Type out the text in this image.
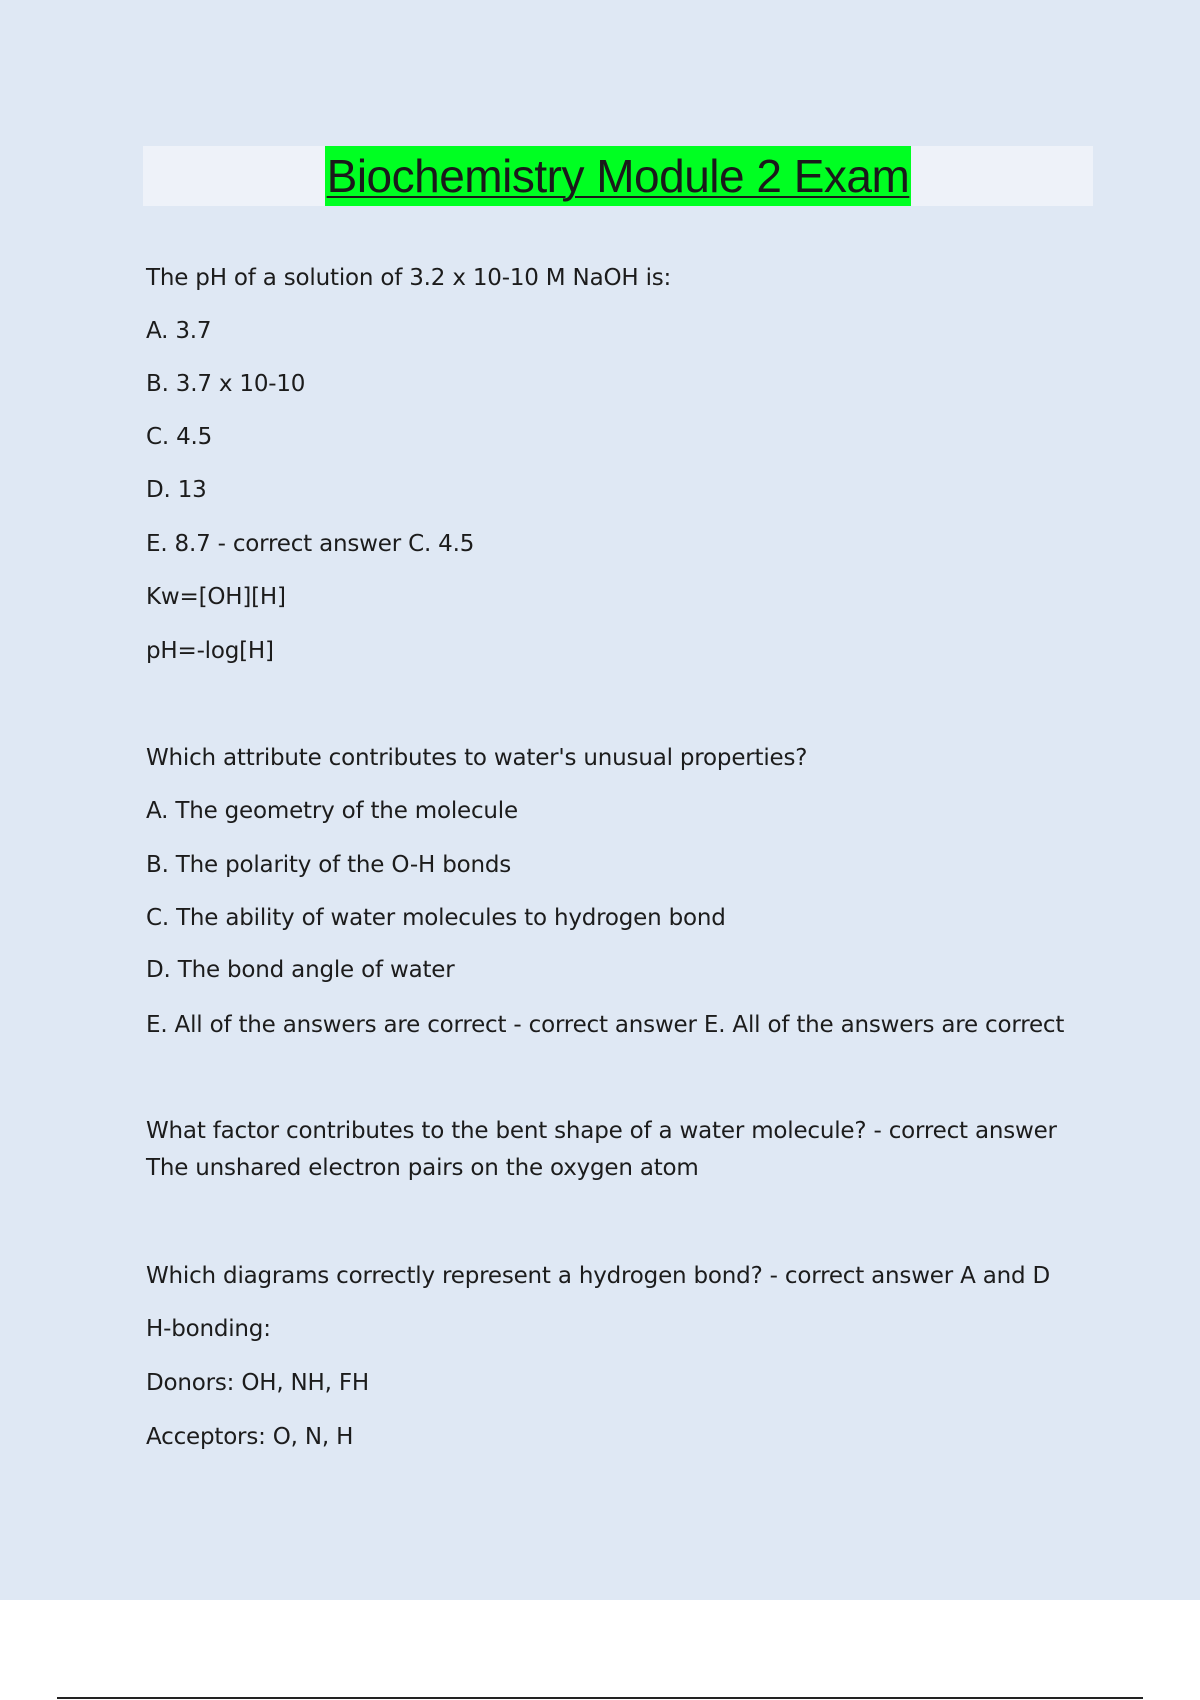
Biochemistry Module 2 Exam
The pH of a solution of 3.2 x 10-10 M NaOH is:
A. 3.7
B. 3.7 x 10-10
C. 4.5
D. 13
E. 8.7 - correct answer C. 4.5
Kw=[OH][H]
pH=-log[H]
Which attribute contributes to water's unusual properties?
A. The geometry of the molecule
B. The polarity of the O-H bonds
C. The ability of water molecules to hydrogen bond
D. The bond angle of water
E. All of the answers are correct - correct answer E. All of the answers are correct
What factor contributes to the bent shape of a water molecule? - correct answer The unshared electron pairs on the oxygen atom
Which diagrams correctly represent a hydrogen bond? - correct answer A and D
H-bonding:
Donors: OH, NH, FH
Acceptors: O, N, H
